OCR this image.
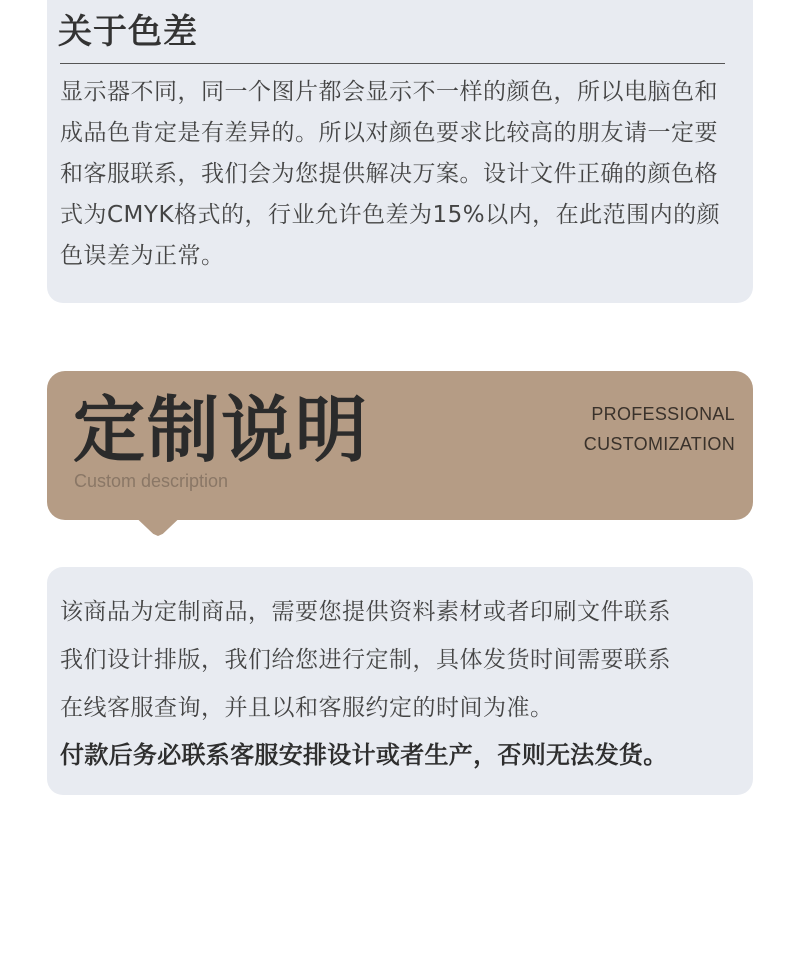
关于色差

显示器不同，同一个图片都会显示不一样的颜色，所以电脑色和成品色肯定是有差异的。所以对颜色要求比较高的朋友请一定要和客服联系，我们会为您提供解决万案。设计文件正确的颜色格式为CMYK格式的，行业允许色差为15%以内，在此范围内的颜色误差为正常。

定制说明
Custom description
PROFESSIONAL
CUSTOMIZATION

该商品为定制商品，需要您提供资料素材或者印刷文件联系

我们设计排版，我们给您进行定制，具体发货时间需要联系

在线客服查询，并且以和客服约定的时间为准。

付款后务必联系客服安排设计或者生产，否则无法发货。
